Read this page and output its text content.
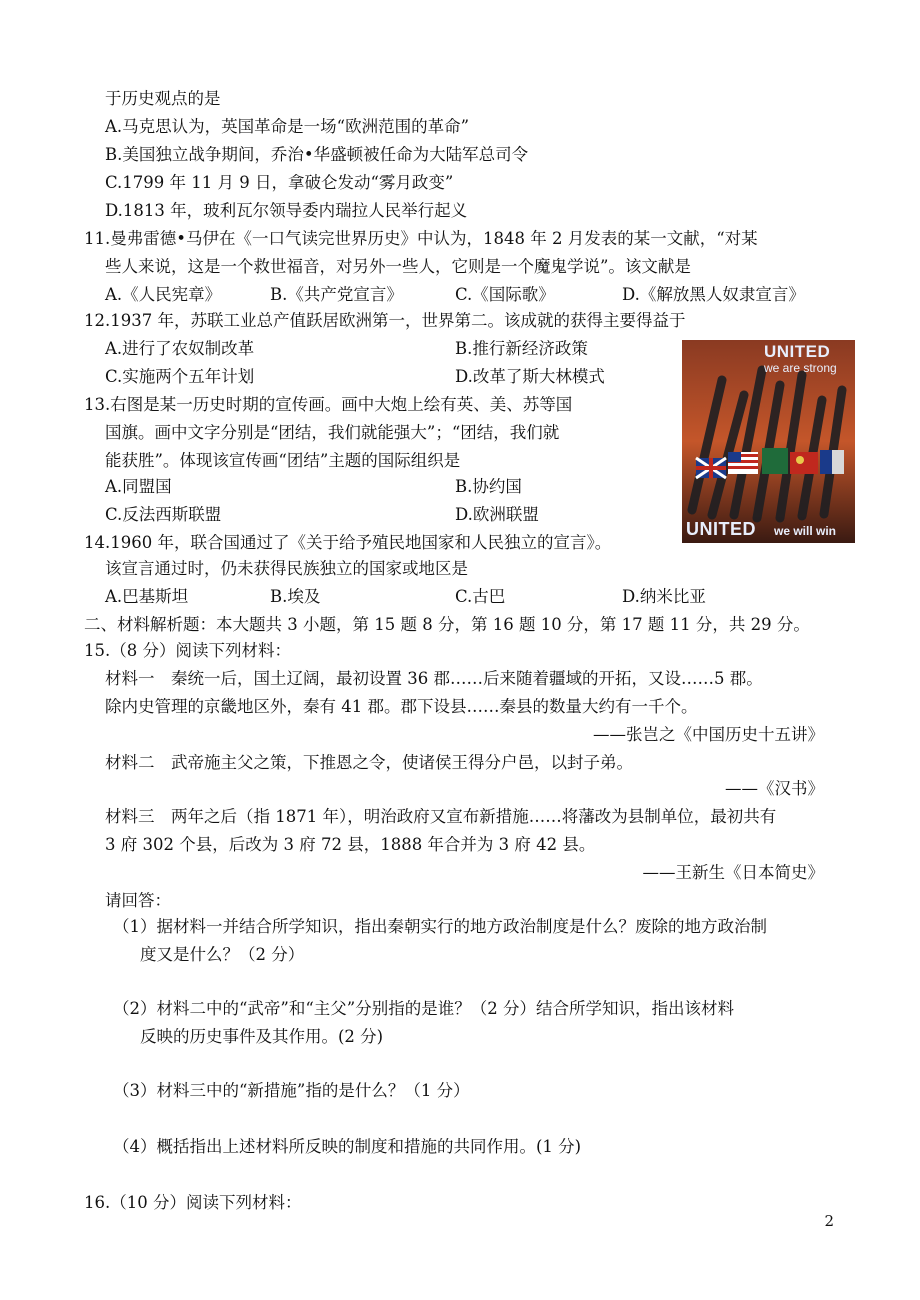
于历史观点的是
A.马克思认为，英国革命是一场“欧洲范围的革命”
B.美国独立战争期间，乔治•华盛顿被任命为大陆军总司令
C.1799 年 11 月 9 日，拿破仑发动“雾月政变”
D.1813 年，玻利瓦尔领导委内瑞拉人民举行起义
11.曼弗雷德•马伊在《一口气读完世界历史》中认为，1848 年 2 月发表的某一文献，“对某
些人来说，这是一个救世福音，对另外一些人，它则是一个魔鬼学说”。该文献是
A.《人民宪章》	B.《共产党宣言》	C.《国际歌》	D.《解放黑人奴隶宣言》
12.1937 年，苏联工业总产值跃居欧洲第一，世界第二。该成就的获得主要得益于
A.进行了农奴制改革	B.推行新经济政策
C.实施两个五年计划	D.改革了斯大林模式
13.右图是某一历史时期的宣传画。画中大炮上绘有英、美、苏等国
国旗。画中文字分别是“团结，我们就能强大”；“团结，我们就
能获胜”。体现该宣传画“团结”主题的国际组织是
A.同盟国	B.协约国
C.反法西斯联盟	D.欧洲联盟
UNITED
we are strong
UNITED we will win
14.1960 年，联合国通过了《关于给予殖民地国家和人民独立的宣言》。
该宣言通过时，仍未获得民族独立的国家或地区是
A.巴基斯坦	B.埃及	C.古巴	D.纳米比亚
二、材料解析题：本大题共 3 小题，第 15 题 8 分，第 16 题 10 分，第 17 题 11 分，共 29 分。
15.（8 分）阅读下列材料：
材料一　秦统一后，国土辽阔，最初设置 36 郡……后来随着疆域的开拓，又设……5 郡。
除内史管理的京畿地区外，秦有 41 郡。郡下设县……秦县的数量大约有一千个。
——张岂之《中国历史十五讲》
材料二　武帝施主父之策，下推恩之令，使诸侯王得分户邑，以封子弟。
——《汉书》
材料三　两年之后（指 1871 年），明治政府又宣布新措施……将藩改为县制单位，最初共有
3 府 302 个县，后改为 3 府 72 县，1888 年合并为 3 府 42 县。
——王新生《日本简史》
请回答：
（1）据材料一并结合所学知识，指出秦朝实行的地方政治制度是什么？废除的地方政治制
度又是什么？（2 分）
（2）材料二中的“武帝”和“主父”分别指的是谁？（2 分）结合所学知识，指出该材料
反映的历史事件及其作用。(2 分)
（3）材料三中的“新措施”指的是什么？（1 分）
（4）概括指出上述材料所反映的制度和措施的共同作用。(1 分)
16.（10 分）阅读下列材料：
2
